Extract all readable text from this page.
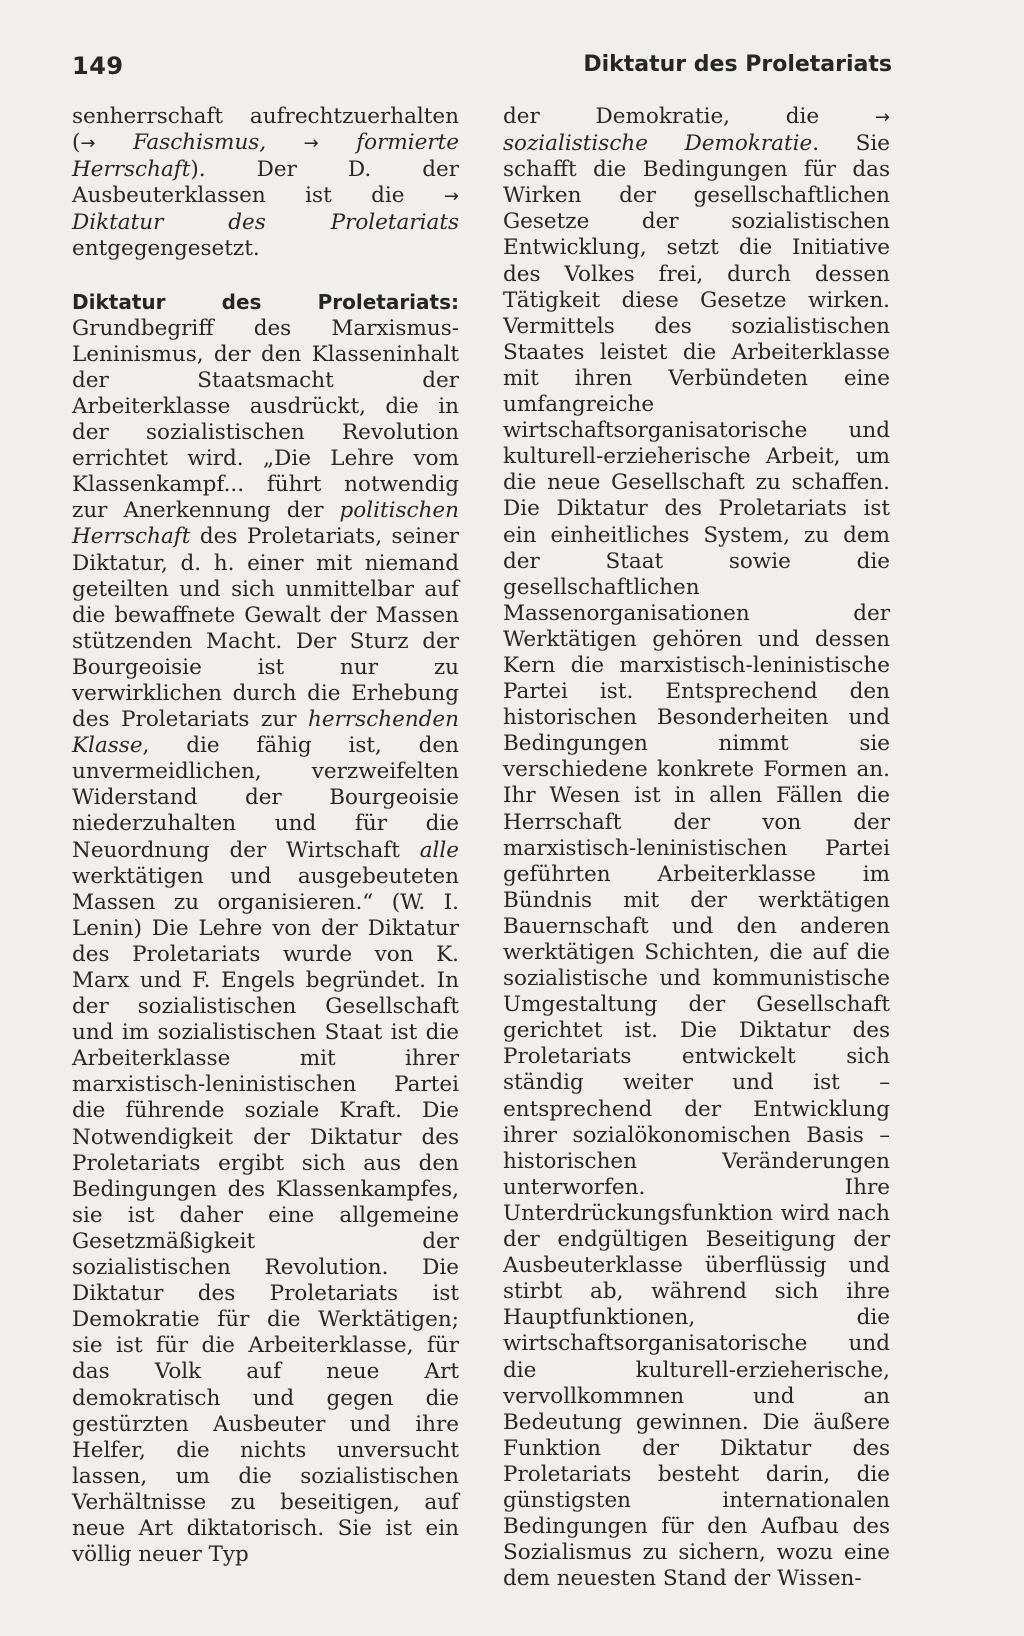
149	Diktatur des Proletariats

senherrschaft aufrechtzuerhalten (→ Faschismus, → formierte Herrschaft). Der D. der Ausbeuterklassen ist die → Diktatur des Proletariats entgegengesetzt.

Diktatur des Proletariats: Grundbegriff des Marxismus-Leninismus, der den Klasseninhalt der Staatsmacht der Arbeiterklasse ausdrückt, die in der sozialistischen Revolution errichtet wird. „Die Lehre vom Klassenkampf... führt notwendig zur Anerkennung der politischen Herrschaft des Proletariats, seiner Diktatur, d. h. einer mit niemand geteilten und sich unmittelbar auf die bewaffnete Gewalt der Massen stützenden Macht. Der Sturz der Bourgeoisie ist nur zu verwirklichen durch die Erhebung des Proletariats zur herrschenden Klasse, die fähig ist, den unvermeidlichen, verzweifelten Widerstand der Bourgeoisie niederzuhalten und für die Neuordnung der Wirtschaft alle werktätigen und ausgebeuteten Massen zu organisieren.“ (W. I. Lenin) Die Lehre von der Diktatur des Proletariats wurde von K. Marx und F. Engels begründet. In der sozialistischen Gesellschaft und im sozialistischen Staat ist die Arbeiterklasse mit ihrer marxistisch-leninistischen Partei die führende soziale Kraft. Die Notwendigkeit der Diktatur des Proletariats ergibt sich aus den Bedingungen des Klassenkampfes, sie ist daher eine allgemeine Gesetzmäßigkeit der sozialistischen Revolution. Die Diktatur des Proletariats ist Demokratie für die Werktätigen; sie ist für die Arbeiterklasse, für das Volk auf neue Art demokratisch und gegen die gestürzten Ausbeuter und ihre Helfer, die nichts unversucht lassen, um die sozialistischen Verhältnisse zu beseitigen, auf neue Art diktatorisch. Sie ist ein völlig neuer Typ

der Demokratie, die → sozialistische Demokratie. Sie schafft die Bedingungen für das Wirken der gesellschaftlichen Gesetze der sozialistischen Entwicklung, setzt die Initiative des Volkes frei, durch dessen Tätigkeit diese Gesetze wirken. Vermittels des sozialistischen Staates leistet die Arbeiterklasse mit ihren Verbündeten eine umfangreiche wirtschaftsorganisatorische und kulturell-erzieherische Arbeit, um die neue Gesellschaft zu schaffen. Die Diktatur des Proletariats ist ein einheitliches System, zu dem der Staat sowie die gesellschaftlichen Massenorganisationen der Werktätigen gehören und dessen Kern die marxistisch-leninistische Partei ist. Entsprechend den historischen Besonderheiten und Bedingungen nimmt sie verschiedene konkrete Formen an. Ihr Wesen ist in allen Fällen die Herrschaft der von der marxistisch-leninistischen Partei geführten Arbeiterklasse im Bündnis mit der werktätigen Bauernschaft und den anderen werktätigen Schichten, die auf die sozialistische und kommunistische Umgestaltung der Gesellschaft gerichtet ist. Die Diktatur des Proletariats entwickelt sich ständig weiter und ist – entsprechend der Entwicklung ihrer sozialökonomischen Basis – historischen Veränderungen unterworfen. Ihre Unterdrückungsfunktion wird nach der endgültigen Beseitigung der Ausbeuterklasse überflüssig und stirbt ab, während sich ihre Hauptfunktionen, die wirtschaftsorganisatorische und die kulturell-erzieherische, vervollkommnen und an Bedeutung gewinnen. Die äußere Funktion der Diktatur des Proletariats besteht darin, die günstigsten internationalen Bedingungen für den Aufbau des Sozialismus zu sichern, wozu eine dem neuesten Stand der Wissen-
